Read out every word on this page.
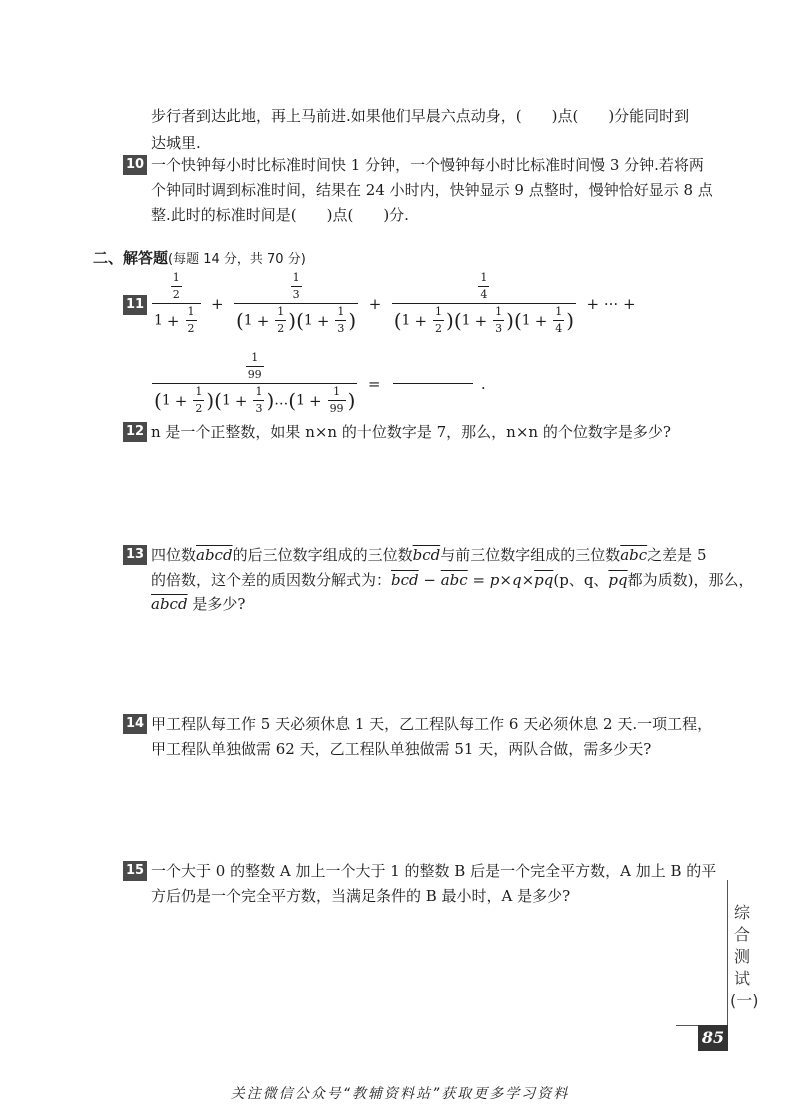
步行者到达此地，再上马前进.如果他们早晨六点动身，(　　)点(　　)分能同时到
达城里.
10 一个快钟每小时比标准时间快 1 分钟，一个慢钟每小时比标准时间慢 3 分钟.若将两
个钟同时调到标准时间，结果在 24 小时内，快钟显示 9 点整时，慢钟恰好显示 8 点
整.此时的标准时间是(　　)点(　　)分.
二、解答题(每题 14 分，共 70 分)
$11 \frac{\frac{1}{2}}{1 + \frac{1}{2}} + \frac{\frac{1}{3}}{(1 + \frac{1}{2} )(1 + \frac{1}{3} )} + \frac{\frac{1}{4}}{(1 + \frac{1}{2} )(1 + \frac{1}{3} )(1 + \frac{1}{4} )}$ + ··· +
$\frac{\frac{1}{99}}{(1 + \frac{1}{2} )(1 + \frac{1}{3} )\dots(1 + \frac{1}{99} )}$ =	.
12 n 是一个正整数，如果 n×n 的十位数字是 7，那么，n×n 的个位数字是多少?
13 四位数abcd的后三位数字组成的三位数$\overline{bcd}$与前三位数字组成的三位数$\overline{abc}$之差是 5
的倍数，这个差的质因数分解式为：$\overline{bcd} - \overline{abc} = p\times q\times\overline{pq}(p$、q、$\overline{pq}$都为质数)，那么，
abcd 是多少?
14 甲工程队每工作 5 天必须休息 1 天，乙工程队每工作 6 天必须休息 2 天.一项工程，
甲工程队单独做需 62 天，乙工程队单独做需 51 天，两队合做，需多少天?
15 一个大于 0 的整数 A 加上一个大于 1 的整数 B 后是一个完全平方数，A 加上 B 的平
方后仍是一个完全平方数，当满足条件的 B 最小时，A 是多少?
综合测试(一)
85
关注微信公众号“教辅资料站”获取更多学习资料
